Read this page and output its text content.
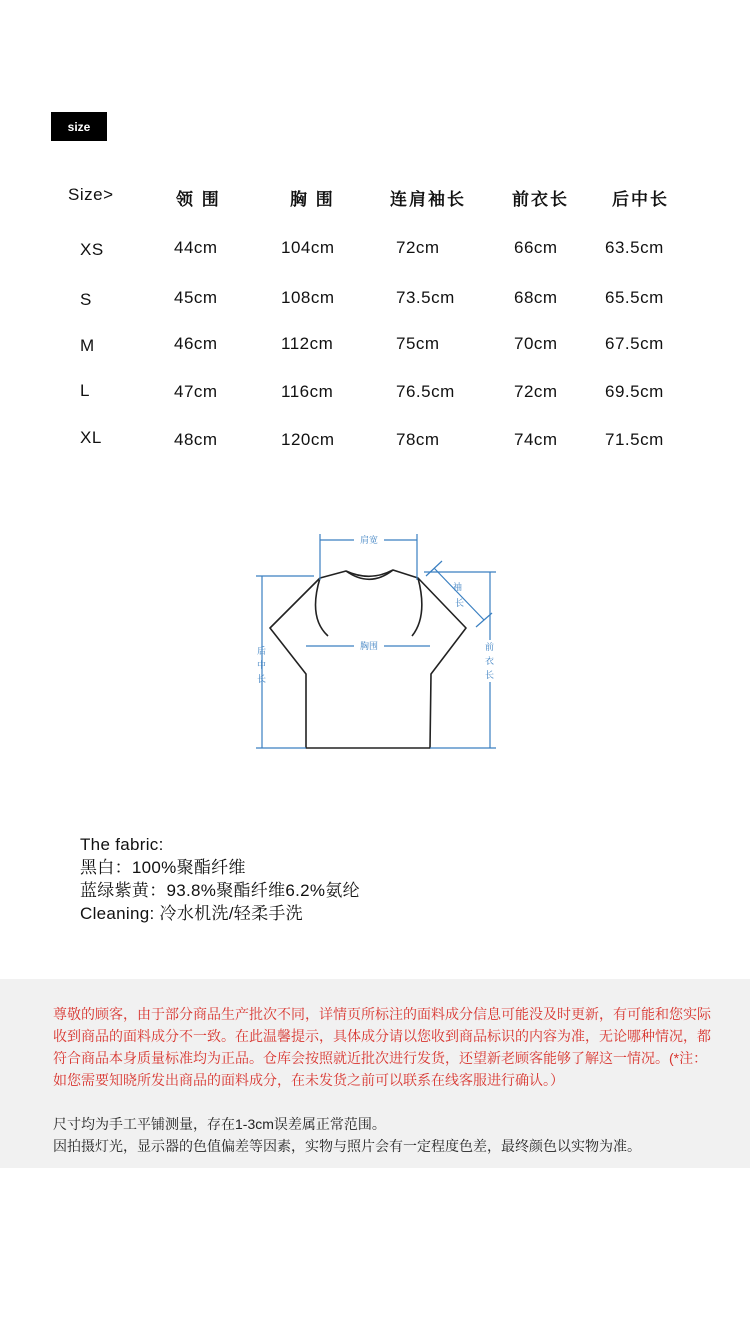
size
Size>	领 围	胸 围	连肩袖长	前衣长	后中长
XS	44cm	104cm	72cm	66cm	63.5cm
S	45cm	108cm	73.5cm	68cm	65.5cm
M	46cm	112cm	75cm	70cm	67.5cm
L	47cm	116cm	76.5cm	72cm	69.5cm
XL	48cm	120cm	78cm	74cm	71.5cm
肩宽
胸围
袖
长
后
中
长
前
衣
长
The fabric:
黑白：100%聚酯纤维
蓝绿紫黄：93.8%聚酯纤维6.2%氨纶
Cleaning: 冷水机洗/轻柔手洗
尊敬的顾客，由于部分商品生产批次不同，详情页所标注的面料成分信息可能没及时更新，有可能和您实际收到商品的面料成分不一致。在此温馨提示，具体成分请以您收到商品标识的内容为准，无论哪种情况，都符合商品本身质量标准均为正品。仓库会按照就近批次进行发货，还望新老顾客能够了解这一情况。(*注：如您需要知晓所发出商品的面料成分，在未发货之前可以联系在线客服进行确认。）
尺寸均为手工平铺测量，存在1-3cm误差属正常范围。
因拍摄灯光，显示器的色值偏差等因素，实物与照片会有一定程度色差，最终颜色以实物为准。
